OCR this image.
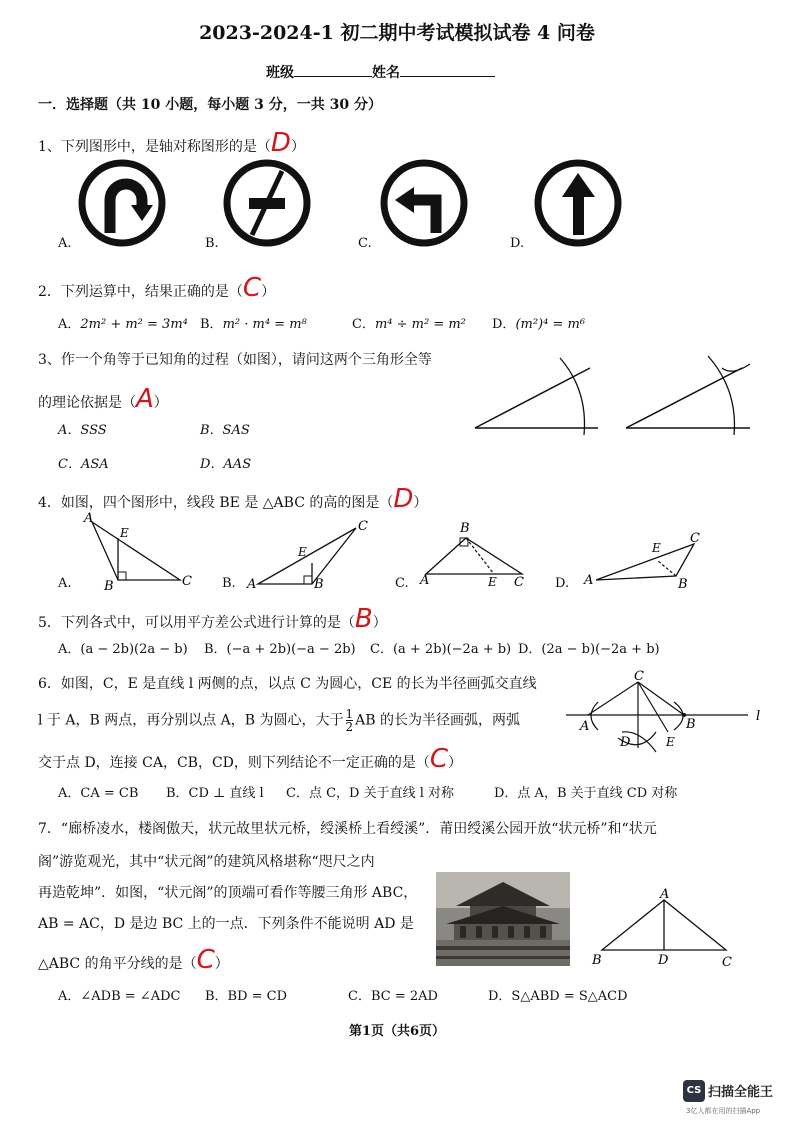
2023-2024-1 初二期中考试模拟试卷 4 问卷
班级	姓名
一．选择题（共 10 小题，每小题 3 分，一共 30 分）
1、下列图形中，是轴对称图形的是（D）
A.	B.	C.	D.
2．下列运算中，结果正确的是（C）
A．2m² + m² = 3m⁴ B．m² · m⁴ = m⁸	C．m⁴ ÷ m² = m² D．(m²)⁴ = m⁶
3、作一个角等于已知角的过程（如图），请问这两个三角形全等
的理论依据是（A）
A．SSS	B．SAS
C．ASA	D．AAS
4．如图，四个图形中，线段 BE 是 △ABC 的高的图是（D）
A
E
B	C	A
E
B
C	B
A	E C	A
E
B
C
A.	B.	C.	D.
5．下列各式中，可以用平方差公式进行计算的是（B）
A．(a − 2b)(2a − b) B．(−a + 2b)(−a − 2b) C．(a + 2b)(−2a + b) D．(2a − b)(−2a + b)
6．如图，C，E 是直线 l 两侧的点，以点 C 为圆心，CE 的长为半径画弧交直线
l 于 A，B 两点，再分别以点 A，B 为圆心，大于 $\frac{1}{2}$ AB 的长为半径画弧，两弧
交于点 D，连接 CA，CB，CD，则下列结论不一定正确的是（C）
A．CA = CB B．CD ⊥ 直线 l C．点 C，D 关于直线 l 对称	D．点 A，B 关于直线 CD 对称
C
A	B
D	E
l
7．“廊桥凌水，楼阁傲天，状元故里状元桥，绶溪桥上看绶溪”．莆田绶溪公园开放“状元桥”和“状元
阁”游览观光，其中“状元阁”的建筑风格堪称“咫尺之内
再造乾坤”．如图，“状元阁”的顶端可看作等腰三角形 ABC，
AB = AC，D 是边 BC 上的一点．下列条件不能说明 AD 是
△ABC 的角平分线的是（C）
A．∠ADB = ∠ADC B．BD = CD	C．BC = 2AD	D．S△ABD = S△ACD
A
B	D	C
第1页（共6页）
CS 扫描全能王
3亿人都在用的扫描App
